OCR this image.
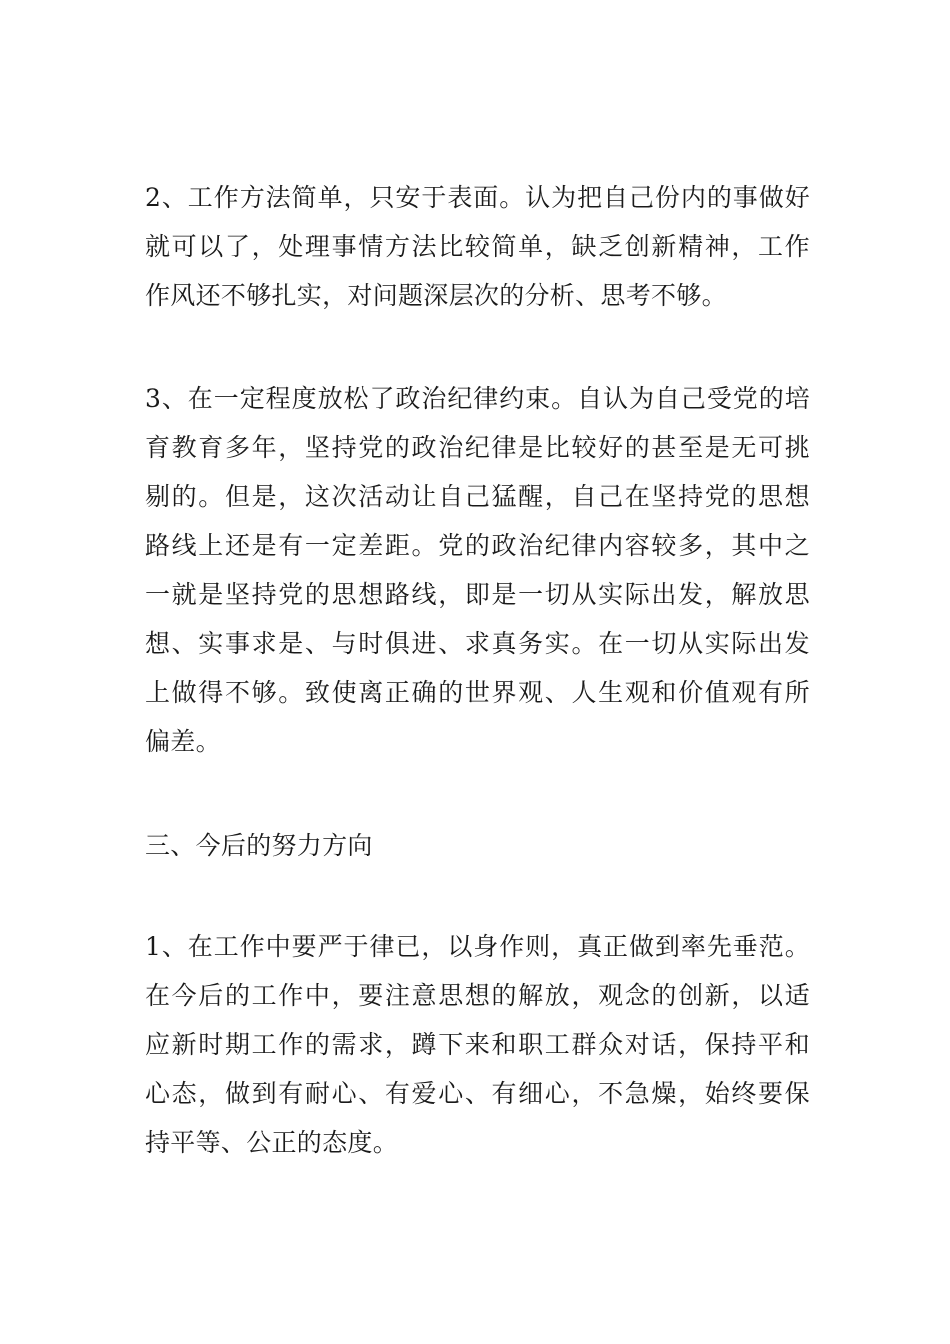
2、工作方法简单，只安于表面。认为把自己份内的事做好
就可以了，处理事情方法比较简单，缺乏创新精神，工作
作风还不够扎实，对问题深层次的分析、思考不够。

3、在一定程度放松了政治纪律约束。自认为自己受党的培
育教育多年，坚持党的政治纪律是比较好的甚至是无可挑
剔的。但是，这次活动让自己猛醒，自己在坚持党的思想
路线上还是有一定差距。党的政治纪律内容较多，其中之
一就是坚持党的思想路线，即是一切从实际出发，解放思
想、实事求是、与时俱进、求真务实。在一切从实际出发
上做得不够。致使离正确的世界观、人生观和价值观有所
偏差。

三、今后的努力方向

1、在工作中要严于律已，以身作则，真正做到率先垂范。
在今后的工作中，要注意思想的解放，观念的创新，以适
应新时期工作的需求，蹲下来和职工群众对话，保持平和
心态，做到有耐心、有爱心、有细心，不急燥，始终要保
持平等、公正的态度。
